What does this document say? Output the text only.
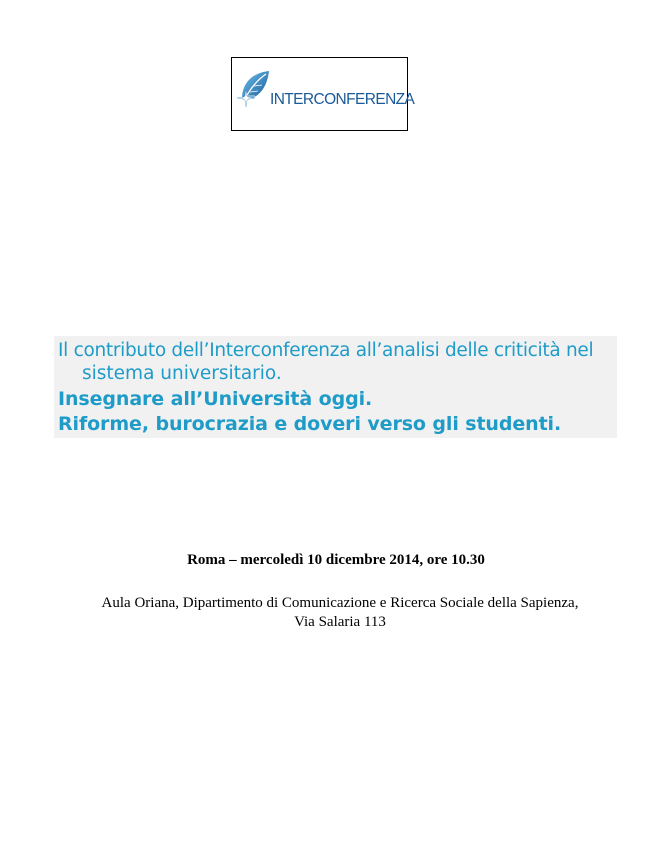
INTERCONFERENZA
Il contributo dell’Interconferenza all’analisi delle criticità nel
sistema universitario.
Insegnare all’Università oggi.
Riforme, burocrazia e doveri verso gli studenti.
Roma – mercoledì 10 dicembre 2014, ore 10.30
Aula Oriana, Dipartimento di Comunicazione e Ricerca Sociale della Sapienza,
Via Salaria 113
